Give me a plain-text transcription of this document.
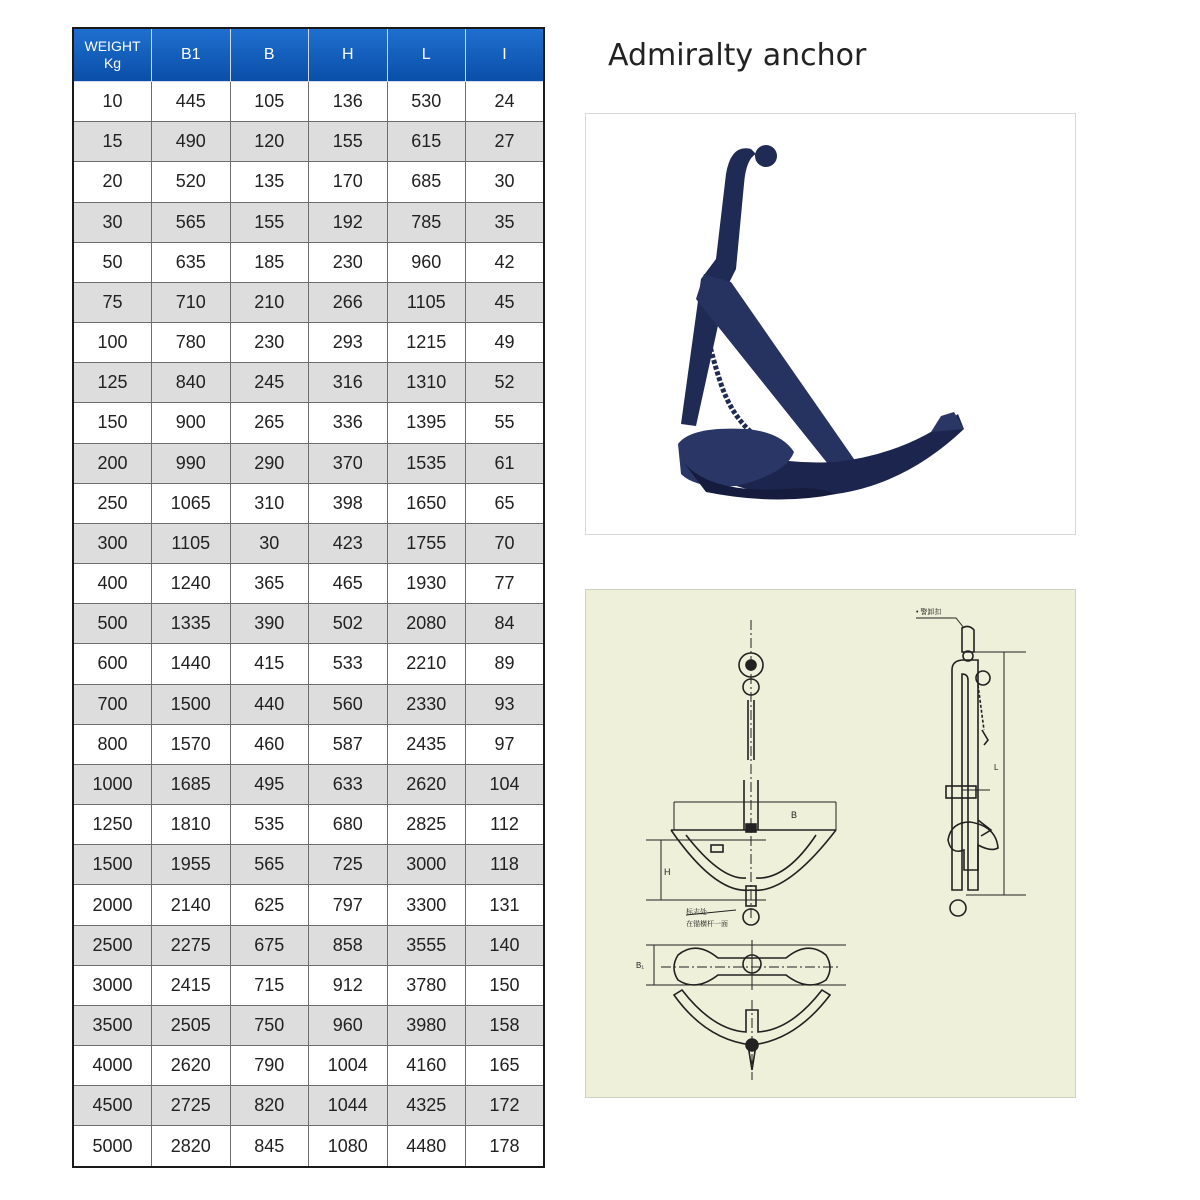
WEIGHT
Kg	B1	B	H	L	I
10	445	105	136	530	24
15	490	120	155	615	27
20	520	135	170	685	30
30	565	155	192	785	35
50	635	185	230	960	42
75	710	210	266	1105	45
100	780	230	293	1215	49
125	840	245	316	1310	52
150	900	265	336	1395	55
200	990	290	370	1535	61
250	1065	310	398	1650	65
300	1105	30	423	1755	70
400	1240	365	465	1930	77
500	1335	390	502	2080	84
600	1440	415	533	2210	89
700	1500	440	560	2330	93
800	1570	460	587	2435	97
1000	1685	495	633	2620	104
1250	1810	535	680	2825	112
1500	1955	565	725	3000	118
2000	2140	625	797	3300	131
2500	2275	675	858	3555	140
3000	2415	715	912	3780	150
3500	2505	750	960	3980	158
4000	2620	790	1004	4160	165
4500	2725	820	1044	4325	172
5000	2820	845	1080	4480	178
Admiralty anchor
B
H
标志处
在锚横杆一面
B₁
• 警卸扣
L
